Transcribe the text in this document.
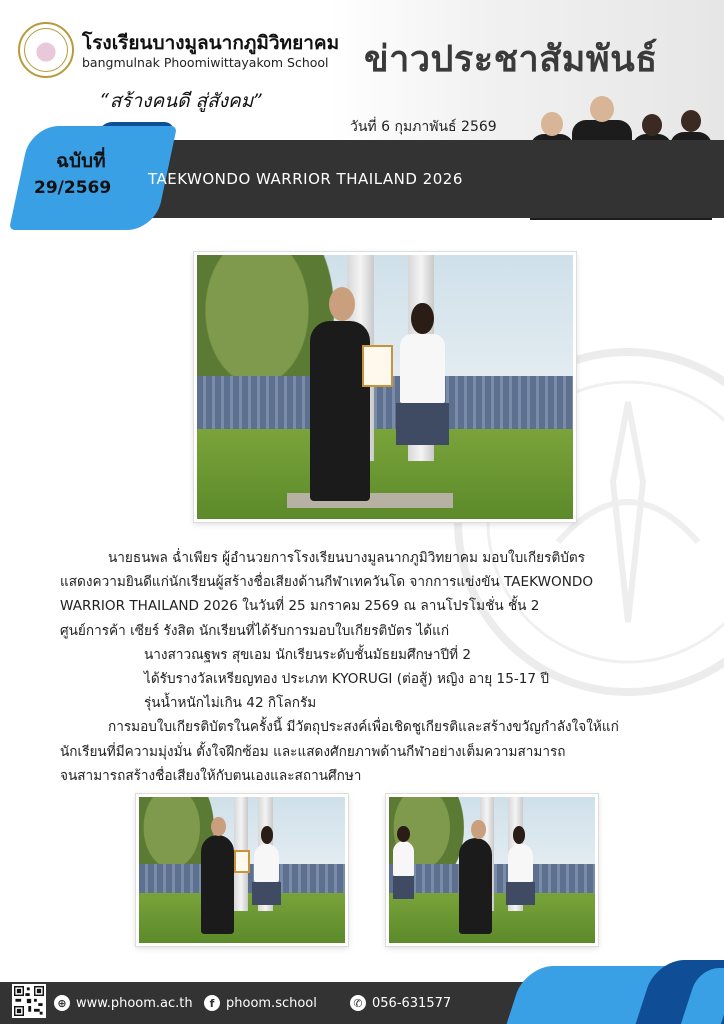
โรงเรียนบางมูลนากภูมิวิทยาคม
bangmulnak Phoomiwittayakom School
“สร้างคนดี สู่สังคม”
ข่าวประชาสัมพันธ์
วันที่ 6 กุมภาพันธ์ 2569
ฉบับที่
29/2569 TAEKWONDO WARRIOR THAILAND 2026

นายธนพล ฉ่ำเพียร ผู้อำนวยการโรงเรียนบางมูลนากภูมิวิทยาคม มอบใบเกียรติบัตร

แสดงความยินดีแก่นักเรียนผู้สร้างชื่อเสียงด้านกีฬาเทควันโด จากการแข่งขัน TAEKWONDO

WARRIOR THAILAND 2026 ในวันที่ 25 มกราคม 2569 ณ ลานโปรโมชั่น ชั้น 2

ศูนย์การค้า เซียร์ รังสิต นักเรียนที่ได้รับการมอบใบเกียรติบัตร ได้แก่

นางสาวณฐพร สุขเอม นักเรียนระดับชั้นมัธยมศึกษาปีที่ 2

ได้รับรางวัลเหรียญทอง ประเภท KYORUGI (ต่อสู้) หญิง อายุ 15-17 ปี

รุ่นน้ำหนักไม่เกิน 42 กิโลกรัม

การมอบใบเกียรติบัตรในครั้งนี้ มีวัตถุประสงค์เพื่อเชิดชูเกียรติและสร้างขวัญกำลังใจให้แก่

นักเรียนที่มีความมุ่งมั่น ตั้งใจฝึกซ้อม และแสดงศักยภาพด้านกีฬาอย่างเต็มความสามารถ

จนสามารถสร้างชื่อเสียงให้กับตนเองและสถานศึกษา

⊕ www.phoom.ac.th	f phoom.school	✆ 056-631577
